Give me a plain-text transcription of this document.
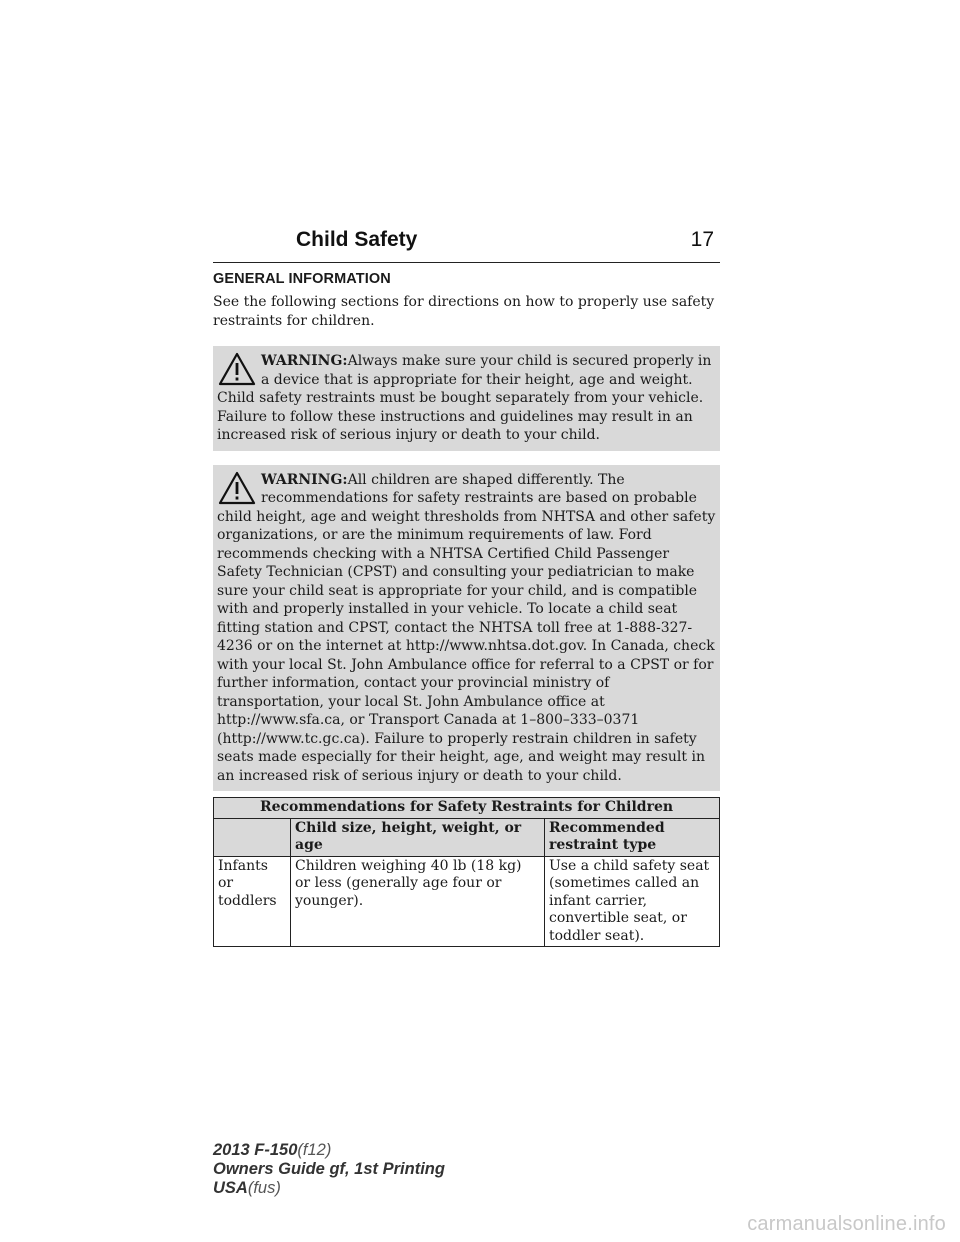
Child Safety	17
GENERAL INFORMATION

See the following sections for directions on how to properly use safety restraints for children.

WARNING:Always make sure your child is secured properly in a device that is appropriate for their height, age and weight. Child safety restraints must be bought separately from your vehicle. Failure to follow these instructions and guidelines may result in an increased risk of serious injury or death to your child.
WARNING:All children are shaped differently. The recommendations for safety restraints are based on probable child height, age and weight thresholds from NHTSA and other safety organizations, or are the minimum requirements of law. Ford recommends checking with a NHTSA Certified Child Passenger Safety Technician (CPST) and consulting your pediatrician to make sure your child seat is appropriate for your child, and is compatible with and properly installed in your vehicle. To locate a child seat fitting station and CPST, contact the NHTSA toll free at 1-888-327-4236 or on the internet at http://www.nhtsa.dot.gov. In Canada, check with your local St. John Ambulance office for referral to a CPST or for further information, contact your provincial ministry of transportation, your local St. John Ambulance office at http://www.sfa.ca, or Transport Canada at 1–800–333–0371 (http://www.tc.gc.ca). Failure to properly restrain children in safety seats made especially for their height, age, and weight may result in an increased risk of serious injury or death to your child.
Recommendations for Safety Restraints for Children		
	Child size, height, weight, or age	Recommended restraint type
Infants or toddlers	Children weighing 40 lb (18 kg) or less (generally age four or younger).	Use a child safety seat (sometimes called an infant carrier, convertible seat, or toddler seat).
2013 F-150(f12)
Owners Guide gf, 1st Printing
USA(fus)
carmanualsonline.info
